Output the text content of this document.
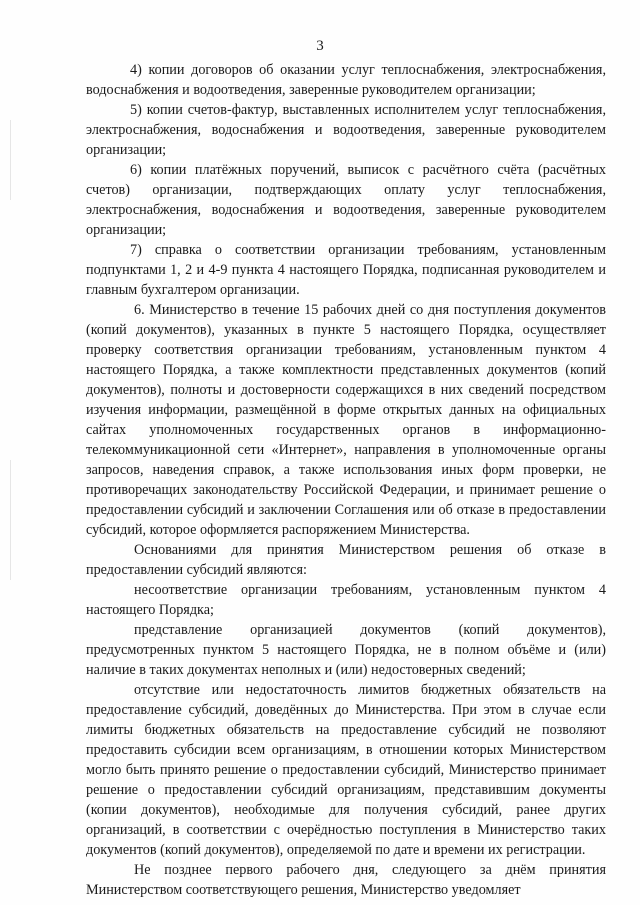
3

4) копии договоров об оказании услуг теплоснабжения, электроснабжения, водоснабжения и водоотведения, заверенные руководителем организации;

5) копии счетов-фактур, выставленных исполнителем услуг теплоснабжения, электроснабжения, водоснабжения и водоотведения, заверенные руководителем организации;

6) копии платёжных поручений, выписок с расчётного счёта (расчётных счетов) организации, подтверждающих оплату услуг теплоснабжения, электроснабжения, водоснабжения и водоотведения, заверенные руководителем организации;

7) справка о соответствии организации требованиям, установленным подпунктами 1, 2 и 4-9 пункта 4 настоящего Порядка, подписанная руководителем и главным бухгалтером организации.

6. Министерство в течение 15 рабочих дней со дня поступления документов (копий документов), указанных в пункте 5 настоящего Порядка, осуществляет проверку соответствия организации требованиям, установленным пунктом 4 настоящего Порядка, а также комплектности представленных документов (копий документов), полноты и достоверности содержащихся в них сведений посредством изучения информации, размещённой в форме открытых данных на официальных сайтах уполномоченных государственных органов в информационно-телекоммуникационной сети «Интернет», направления в уполномоченные органы запросов, наведения справок, а также использования иных форм проверки, не противоречащих законодательству Российской Федерации, и принимает решение о предоставлении субсидий и заключении Соглашения или об отказе в предоставлении субсидий, которое оформляется распоряжением Министерства.

Основаниями для принятия Министерством решения об отказе в предоставлении субсидий являются:

несоответствие организации требованиям, установленным пунктом 4 настоящего Порядка;

представление организацией документов (копий документов), предусмотренных пунктом 5 настоящего Порядка, не в полном объёме и (или) наличие в таких документах неполных и (или) недостоверных сведений;

отсутствие или недостаточность лимитов бюджетных обязательств на предоставление субсидий, доведённых до Министерства. При этом в случае если лимиты бюджетных обязательств на предоставление субсидий не позволяют предоставить субсидии всем организациям, в отношении которых Министерством могло быть принято решение о предоставлении субсидий, Министерство принимает решение о предоставлении субсидий организациям, представившим документы (копии документов), необходимые для получения субсидий, ранее других организаций, в соответствии с очерёдностью поступления в Министерство таких документов (копий документов), определяемой по дате и времени их регистрации.

Не позднее первого рабочего дня, следующего за днём принятия Министерством соответствующего решения, Министерство уведомляет
